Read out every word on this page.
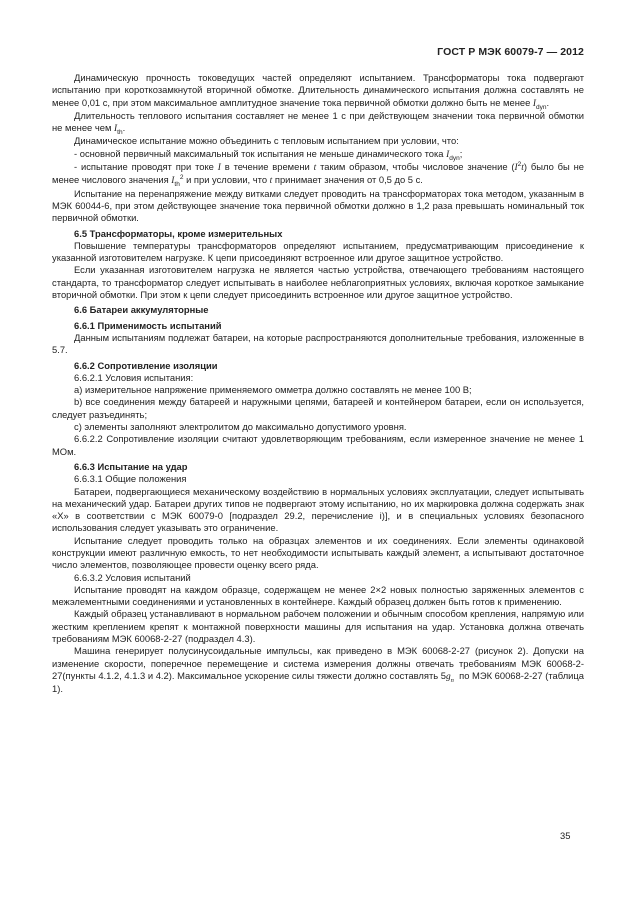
ГОСТ Р МЭК 60079-7 — 2012

Динамическую прочность токоведущих частей определяют испытанием. Трансформаторы тока подвергают испытанию при короткозамкнутой вторичной обмотке. Длительность динамического испытания должна составлять не менее 0,01 с, при этом максимальное амплитудное значение тока первичной обмотки должно быть не менее $I_{dyn}$.

Длительность теплового испытания составляет не менее 1 с при действующем значении тока первичной обмотки не менее чем $I_{th}$.

Динамическое испытание можно объединить с тепловым испытанием при условии, что:

- основной первичный максимальный ток испытания не меньше динамического тока $I_{dyn}$;

- испытание проводят при токе I в течение времени t таким образом, чтобы числовое значение $(I^2t)$ было бы не менее числового значения $I_{th}^2$ и при условии, что t принимает значения от 0,5 до 5 с.

Испытание на перенапряжение между витками следует проводить на трансформаторах тока методом, указанным в МЭК 60044-6, при этом действующее значение тока первичной обмотки должно в 1,2 раза превышать номинальный ток первичной обмотки.

6.5 Трансформаторы, кроме измерительных

Повышение температуры трансформаторов определяют испытанием, предусматривающим присоединение к указанной изготовителем нагрузке. К цепи присоединяют встроенное или другое защитное устройство.

Если указанная изготовителем нагрузка не является частью устройства, отвечающего требованиям настоящего стандарта, то трансформатор следует испытывать в наиболее неблагоприятных условиях, включая короткое замыкание вторичной обмотки. При этом к цепи следует присоединить встроенное или другое защитное устройство.

6.6 Батареи аккумуляторные

6.6.1 Применимость испытаний

Данным испытаниям подлежат батареи, на которые распространяются дополнительные требования, изложенные в 5.7.

6.6.2 Сопротивление изоляции

6.6.2.1 Условия испытания:

a) измерительное напряжение применяемого омметра должно составлять не менее 100 В;

b) все соединения между батареей и наружными цепями, батареей и контейнером батареи, если он используется, следует разъединять;

c) элементы заполняют электролитом до максимально допустимого уровня.

6.6.2.2 Сопротивление изоляции считают удовлетворяющим требованиям, если измеренное значение не менее 1 МОм.

6.6.3 Испытание на удар

6.6.3.1 Общие положения

Батареи, подвергающиеся механическому воздействию в нормальных условиях эксплуатации, следует испытывать на механический удар. Батареи других типов не подвергают этому испытанию, но их маркировка должна содержать знак «X» в соответствии с МЭК 60079-0 [подраздел 29.2, перечисление i)], и в специальных условиях безопасного использования следует указывать это ограничение.

Испытание следует проводить только на образцах элементов и их соединениях. Если элементы одинаковой конструкции имеют различную емкость, то нет необходимости испытывать каждый элемент, а испытывают достаточное число элементов, позволяющее провести оценку всего ряда.

6.6.3.2 Условия испытаний

Испытание проводят на каждом образце, содержащем не менее 2×2 новых полностью заряженных элементов с межэлементными соединениями и установленных в контейнере. Каждый образец должен быть готов к применению.

Каждый образец устанавливают в нормальном рабочем положении и обычным способом крепления, напрямую или жестким креплением крепят к монтажной поверхности машины для испытания на удар. Установка должна отвечать требованиям МЭК 60068-2-27 (подраздел 4.3).

Машина генерирует полусинусоидальные импульсы, как приведено в МЭК 60068-2-27 (рисунок 2). Допуски на изменение скорости, поперечное перемещение и система измерения должны отвечать требованиям МЭК 60068-2-27(пункты 4.1.2, 4.1.3 и 4.2). Максимальное ускорение силы тяжести должно составлять $5g_n$ по МЭК 60068-2-27 (таблица 1).

35
